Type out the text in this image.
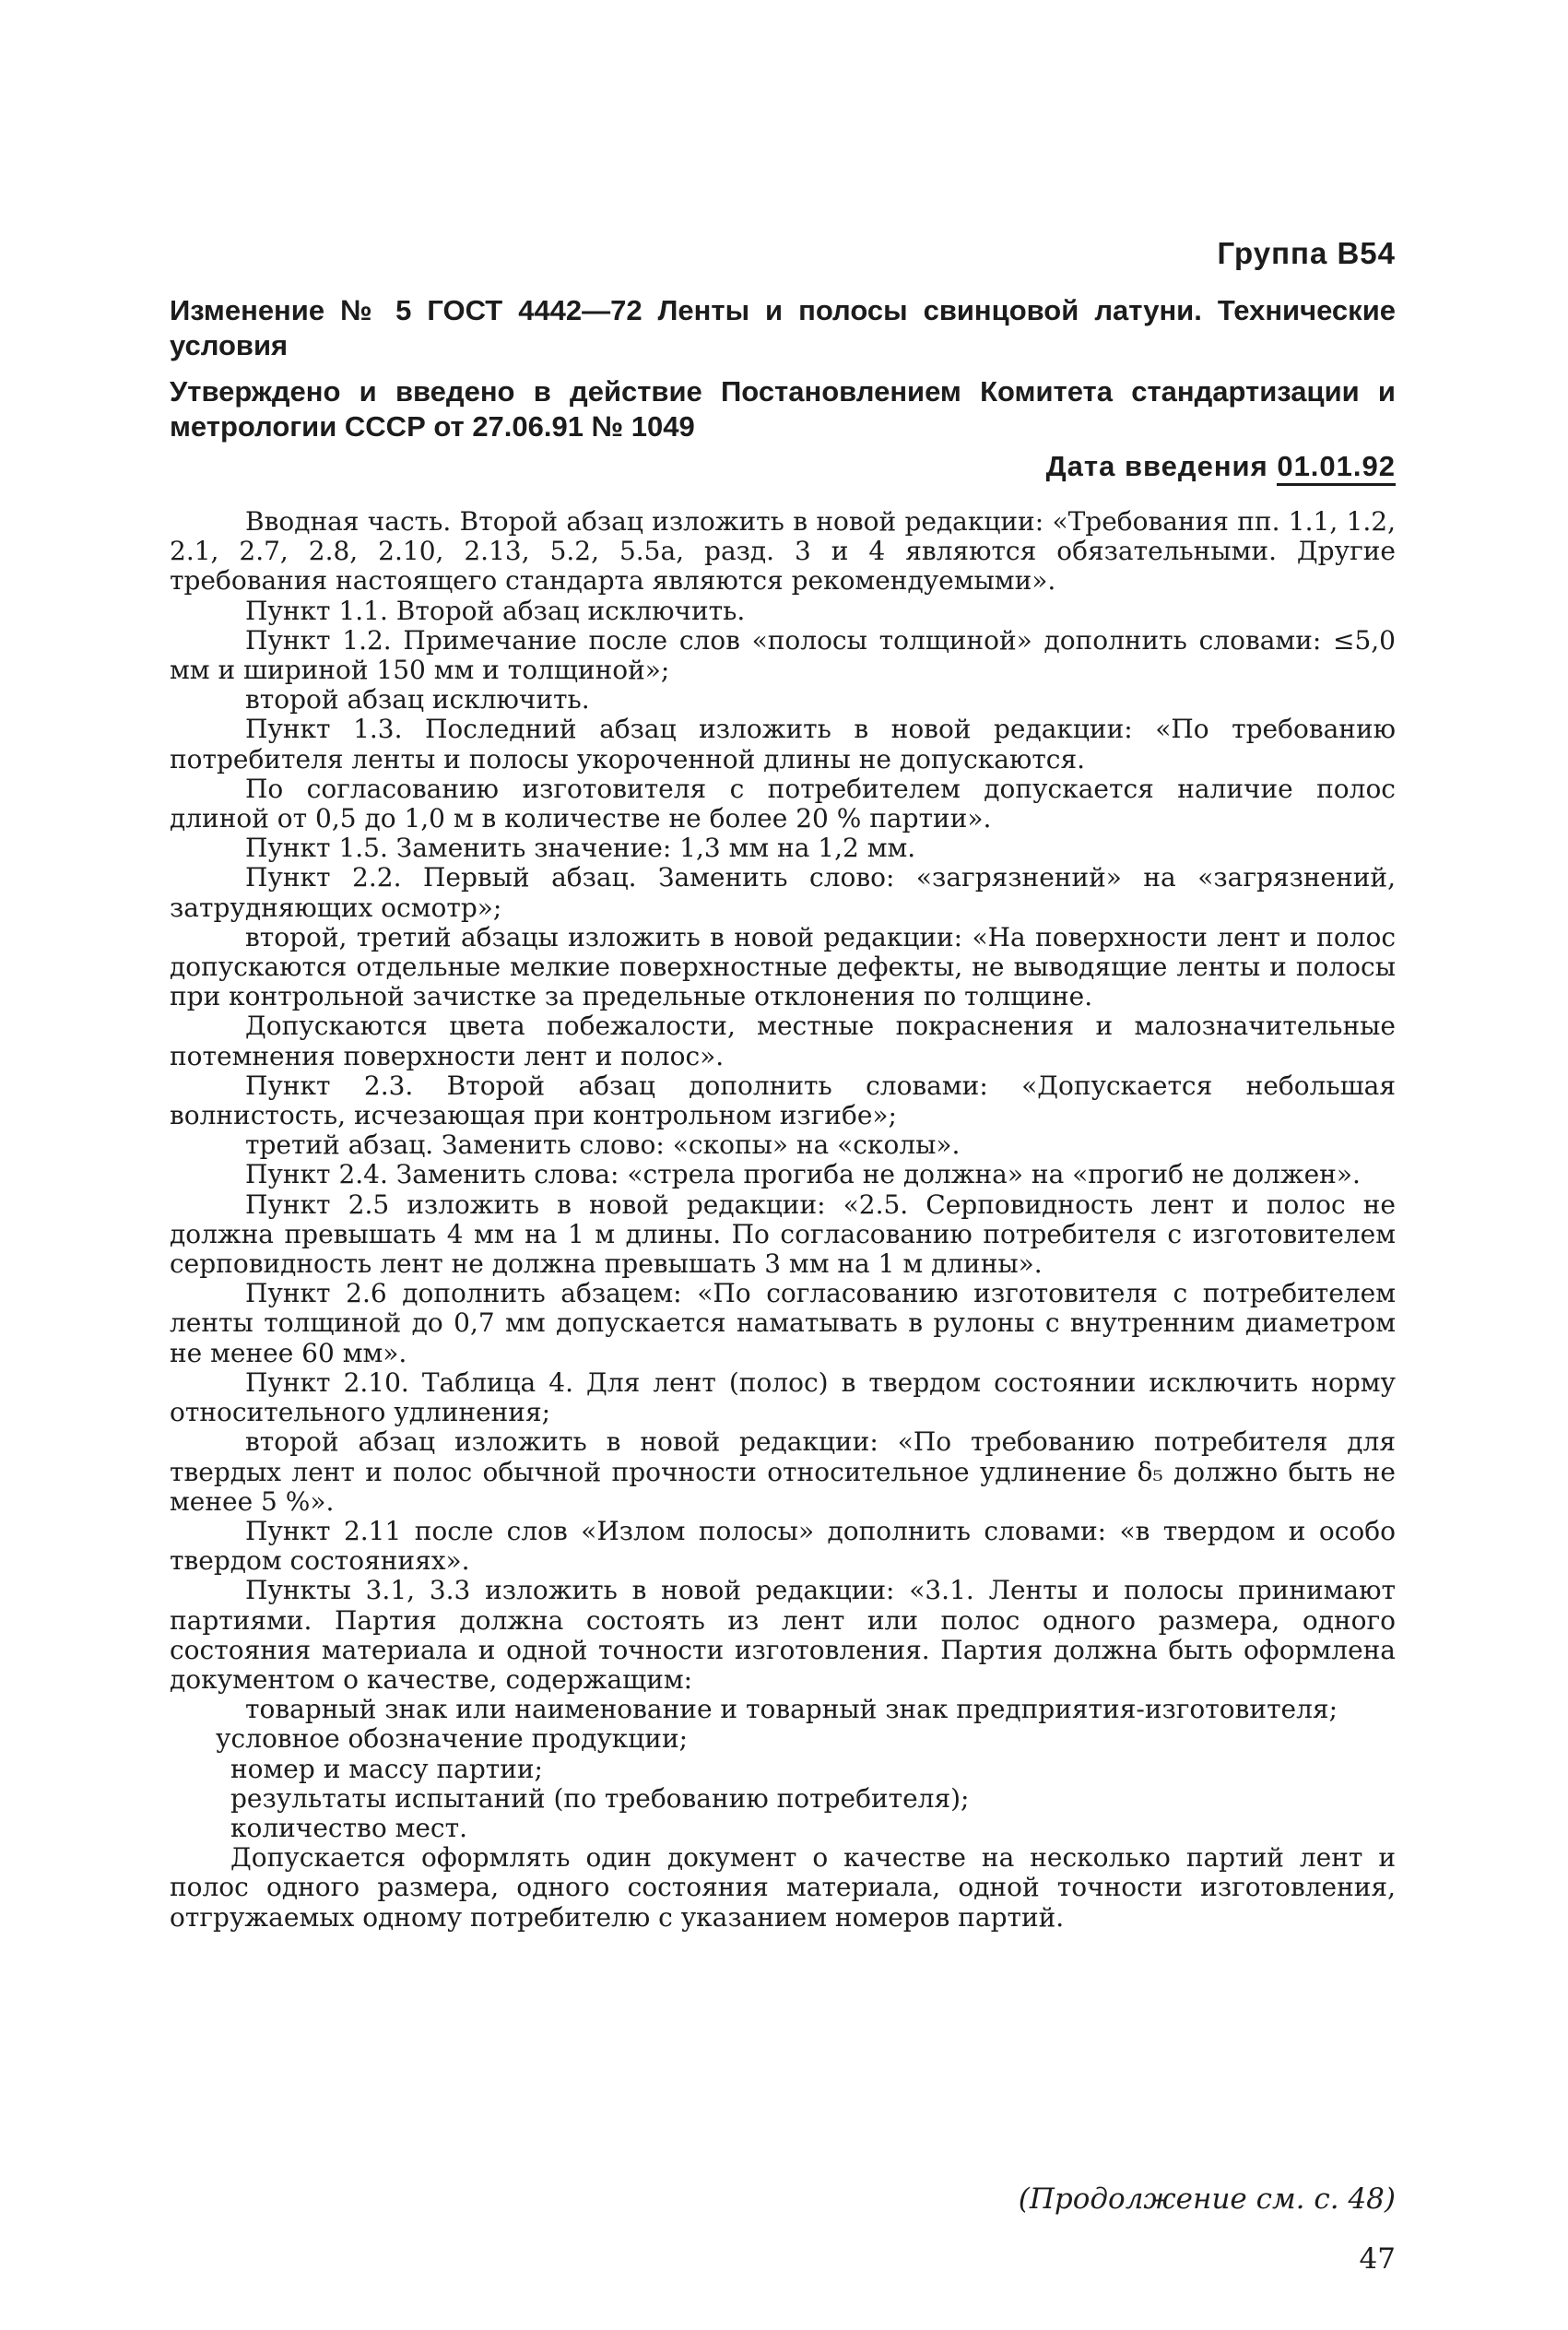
Группа В54
Изменение № 5 ГОСТ 4442—72 Ленты и полосы свинцовой латуни. Технические условия
Утверждено и введено в действие Постановлением Комитета стандартизации и метрологии СССР от 27.06.91 № 1049
Дата введения 01.01.92

Вводная часть. Второй абзац изложить в новой редакции: «Требования пп. 1.1, 1.2, 2.1, 2.7, 2.8, 2.10, 2.13, 5.2, 5.5а, разд. 3 и 4 являются обязательными. Другие требования настоящего стандарта являются рекомендуемыми».

Пункт 1.1. Второй абзац исключить.

Пункт 1.2. Примечание после слов «полосы толщиной» дополнить словами: ≤5,0 мм и шириной 150 мм и толщиной»;

второй абзац исключить.

Пункт 1.3. Последний абзац изложить в новой редакции: «По требованию потребителя ленты и полосы укороченной длины не допускаются.

По согласованию изготовителя с потребителем допускается наличие полос длиной от 0,5 до 1,0 м в количестве не более 20 % партии».

Пункт 1.5. Заменить значение: 1,3 мм на 1,2 мм.

Пункт 2.2. Первый абзац. Заменить слово: «загрязнений» на «загрязнений, затрудняющих осмотр»;

второй, третий абзацы изложить в новой редакции: «На поверхности лент и полос допускаются отдельные мелкие поверхностные дефекты, не выводящие ленты и полосы при контрольной зачистке за предельные отклонения по толщине.

Допускаются цвета побежалости, местные покраснения и малозначительные потемнения поверхности лент и полос».

Пункт 2.3. Второй абзац дополнить словами: «Допускается небольшая волнистость, исчезающая при контрольном изгибе»;

третий абзац. Заменить слово: «скопы» на «сколы».

Пункт 2.4. Заменить слова: «стрела прогиба не должна» на «прогиб не должен».

Пункт 2.5 изложить в новой редакции: «2.5. Серповидность лент и полос не должна превышать 4 мм на 1 м длины. По согласованию потребителя с изготовителем серповидность лент не должна превышать 3 мм на 1 м длины».

Пункт 2.6 дополнить абзацем: «По согласованию изготовителя с потребителем ленты толщиной до 0,7 мм допускается наматывать в рулоны с внутренним диаметром не менее 60 мм».

Пункт 2.10. Таблица 4. Для лент (полос) в твердом состоянии исключить норму относительного удлинения;

второй абзац изложить в новой редакции: «По требованию потребителя для твердых лент и полос обычной прочности относительное удлинение δ₅ должно быть не менее 5 %».

Пункт 2.11 после слов «Излом полосы» дополнить словами: «в твердом и особо твердом состояниях».

Пункты 3.1, 3.3 изложить в новой редакции: «3.1. Ленты и полосы принимают партиями. Партия должна состоять из лент или полос одного размера, одного состояния материала и одной точности изготовления. Партия должна быть оформлена документом о качестве, содержащим:

товарный знак или наименование и товарный знак предприятия-изготовителя;

условное обозначение продукции;

номер и массу партии;

результаты испытаний (по требованию потребителя);

количество мест.

Допускается оформлять один документ о качестве на несколько партий лент и полос одного размера, одного состояния материала, одной точности изготовления, отгружаемых одному потребителю с указанием номеров партий.

(Продолжение см. с. 48)
47
